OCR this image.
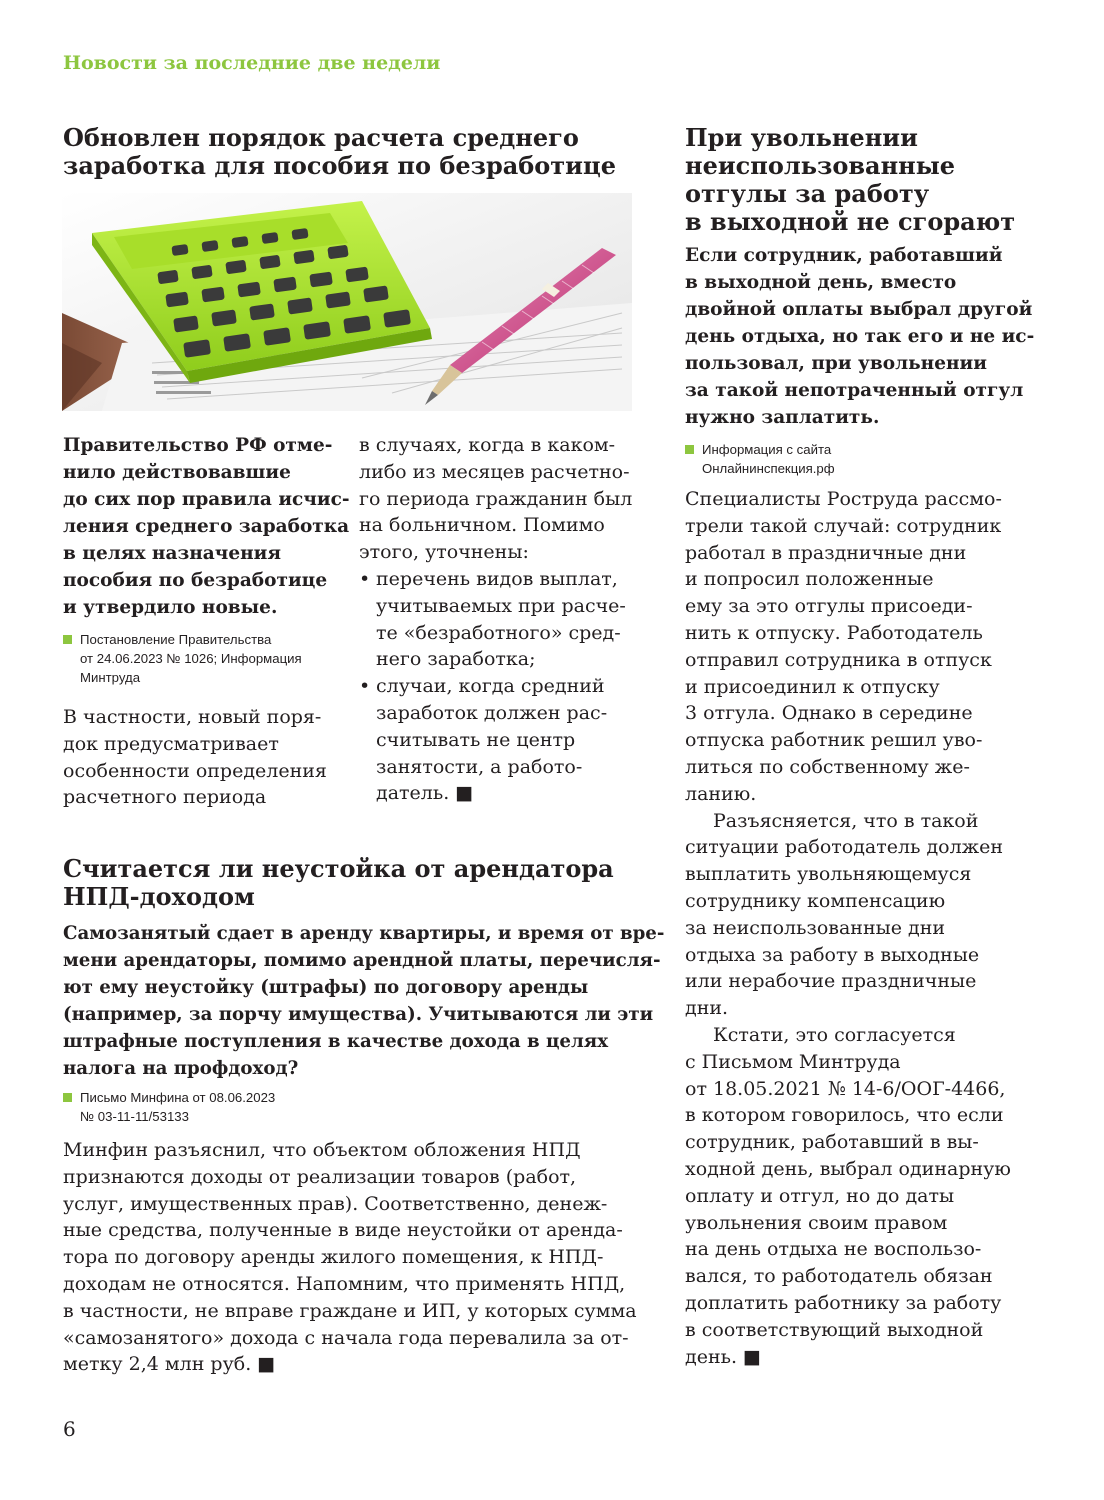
Новости за последние две недели
Обновлен порядок расчета среднего
заработка для пособия по безработице
Правительство РФ отме-
нило действовавшие
до сих пор правила исчис-
ления среднего заработка
в целях назначения
пособия по безработице
и утвердило новые.
Постановление Правительства
от 24.06.2023 № 1026; Информация
Минтруда
В частности, новый поря-
док предусматривает
особенности определения
расчетного периода
в случаях, когда в каком-
либо из месяцев расчетно-
го периода гражданин был
на больничном. Помимо
этого, уточнены:
• перечень видов выплат,
учитываемых при расче-
те «безработного» сред-
него заработка;
• случаи, когда средний
заработок должен рас-
считывать не центр
занятости, а работо-
датель. ■
Считается ли неустойка от арендатора
НПД-доходом
Самозанятый сдает в аренду квартиры, и время от вре-
мени арендаторы, помимо арендной платы, перечисля-
ют ему неустойку (штрафы) по договору аренды
(например, за порчу имущества). Учитываются ли эти
штрафные поступления в качестве дохода в целях
налога на профдоход?
Письмо Минфина от 08.06.2023
№ 03-11-11/53133
Минфин разъяснил, что объектом обложения НПД
признаются доходы от реализации товаров (работ,
услуг, имущественных прав). Соответственно, денеж-
ные средства, полученные в виде неустойки от аренда-
тора по договору аренды жилого помещения, к НПД-
доходам не относятся. Напомним, что применять НПД,
в частности, не вправе граждане и ИП, у которых сумма
«самозанятого» дохода с начала года перевалила за от-
метку 2,4 млн руб. ■
При увольнении
неиспользованные
отгулы за работу
в выходной не сгорают
Если сотрудник, работавший
в выходной день, вместо
двойной оплаты выбрал другой
день отдыха, но так его и не ис-
пользовал, при увольнении
за такой непотраченный отгул
нужно заплатить.
Информация с сайта
Онлайнинспекция.рф
Специалисты Роструда рассмо-
трели такой случай: сотрудник
работал в праздничные дни
и попросил положенные
ему за это отгулы присоеди-
нить к отпуску. Работодатель
отправил сотрудника в отпуск
и присоединил к отпуску
3 отгула. Однако в середине
отпуска работник решил уво-
литься по собственному же-
ланию.
Разъясняется, что в такой
ситуации работодатель должен
выплатить увольняющемуся
сотруднику компенсацию
за неиспользованные дни
отдыха за работу в выходные
или нерабочие праздничные
дни.
Кстати, это согласуется
с Письмом Минтруда
от 18.05.2021 № 14-6/ООГ-4466,
в котором говорилось, что если
сотрудник, работавший в вы-
ходной день, выбрал одинарную
оплату и отгул, но до даты
увольнения своим правом
на день отдыха не воспользо-
вался, то работодатель обязан
доплатить работнику за работу
в соответствующий выходной
день. ■
6
